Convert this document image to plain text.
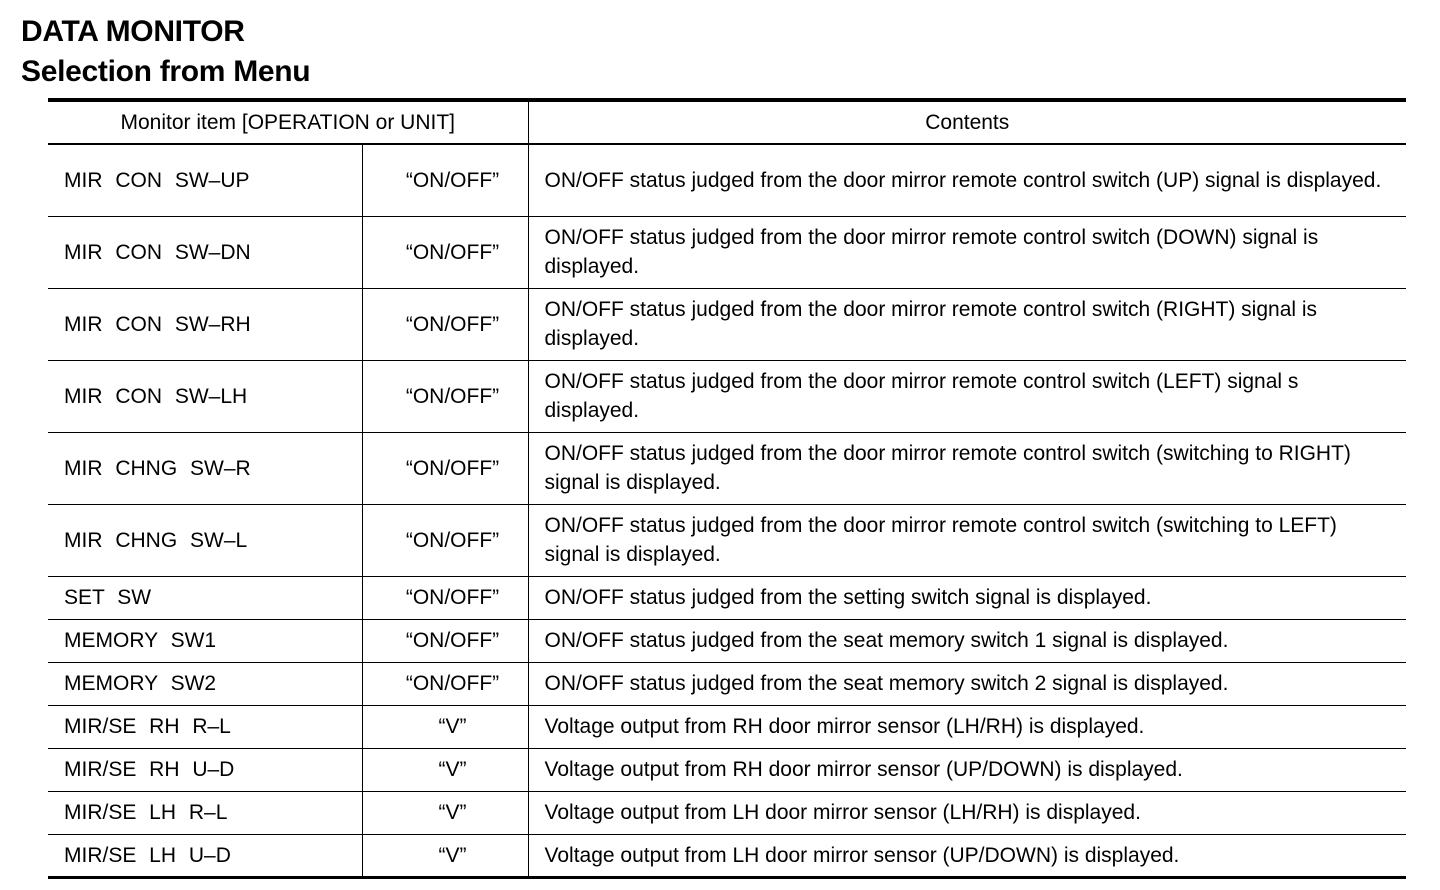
DATA MONITOR
Selection from Menu
Monitor item [OPERATION or UNIT]		Contents
MIR CON SW–UP	“ON/OFF”	ON/OFF status judged from the door mirror remote control switch (UP) signal is displayed.
MIR CON SW–DN	“ON/OFF”	ON/OFF status judged from the door mirror remote control switch (DOWN) signal is displayed.
MIR CON SW–RH	“ON/OFF”	ON/OFF status judged from the door mirror remote control switch (RIGHT) signal is displayed.
MIR CON SW–LH	“ON/OFF”	ON/OFF status judged from the door mirror remote control switch (LEFT) signal s displayed.
MIR CHNG SW–R	“ON/OFF”	ON/OFF status judged from the door mirror remote control switch (switching to RIGHT) signal is displayed.
MIR CHNG SW–L	“ON/OFF”	ON/OFF status judged from the door mirror remote control switch (switching to LEFT) signal is displayed.
SET SW	“ON/OFF”	ON/OFF status judged from the setting switch signal is displayed.
MEMORY SW1	“ON/OFF”	ON/OFF status judged from the seat memory switch 1 signal is displayed.
MEMORY SW2	“ON/OFF”	ON/OFF status judged from the seat memory switch 2 signal is displayed.
MIR/SE RH R–L	“V”	Voltage output from RH door mirror sensor (LH/RH) is displayed.
MIR/SE RH U–D	“V”	Voltage output from RH door mirror sensor (UP/DOWN) is displayed.
MIR/SE LH R–L	“V”	Voltage output from LH door mirror sensor (LH/RH) is displayed.
MIR/SE LH U–D	“V”	Voltage output from LH door mirror sensor (UP/DOWN) is displayed.
